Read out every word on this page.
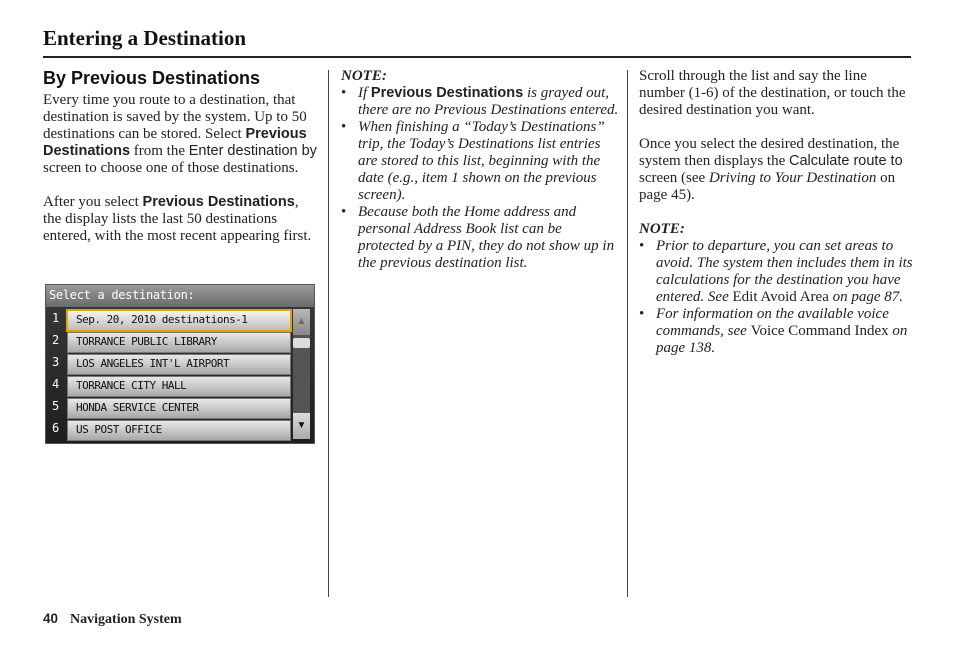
Entering a Destination
By Previous Destinations

Every time you route to a destination, that destination is saved by the system. Up to 50 destinations can be stored. Select Previous Destinations from the Enter destination by screen to choose one of those destinations.

After you select Previous Destinations, the display lists the last 50 destinations entered, with the most recent appearing first.

Select a destination:
1	Sep. 20, 2010 destinations-1
2	TORRANCE PUBLIC LIBRARY
3	LOS ANGELES INT'L AIRPORT
4	TORRANCE CITY HALL
5	HONDA SERVICE CENTER
6	US POST OFFICE
▲
▼

NOTE:

• If Previous Destinations is grayed out, there are no Previous Destinations entered.
• When finishing a “Today’s Destinations” trip, the Today’s Destinations list entries are stored to this list, beginning with the date (e.g., item 1 shown on the previous screen).
• Because both the Home address and personal Address Book list can be protected by a PIN, they do not show up in the previous destination list.

Scroll through the list and say the line number (1-6) of the destination, or touch the desired destination you want.

Once you select the desired destination, the system then displays the Calculate route to screen (see Driving to Your Destination on page 45).

NOTE:

• Prior to departure, you can set areas to avoid. The system then includes them in its calculations for the destination you have entered. See Edit Avoid Area on page 87.
• For information on the available voice commands, see Voice Command Index on page 138.
40 Navigation System
